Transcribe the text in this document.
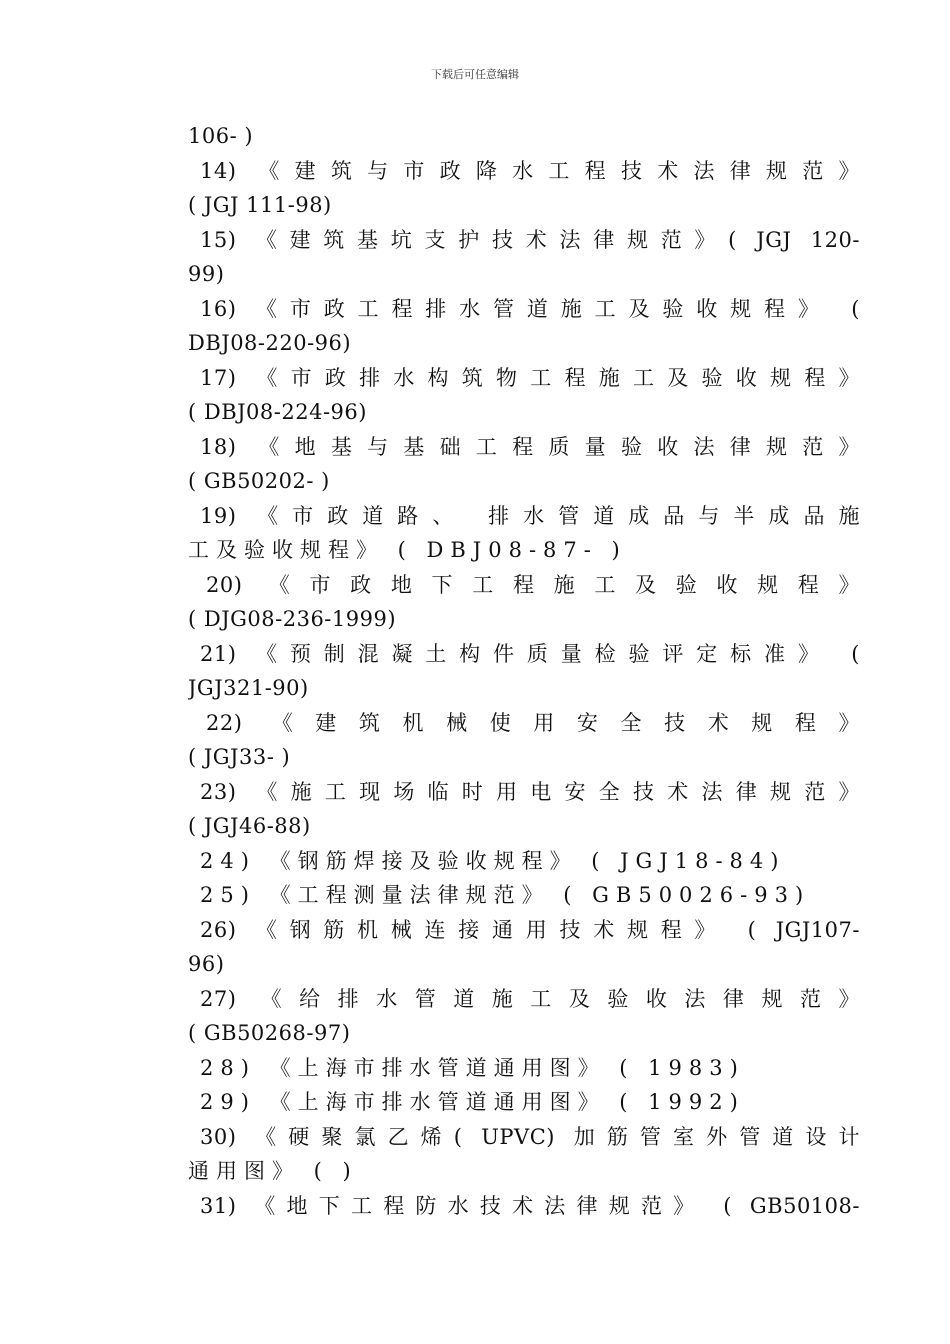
下载后可任意编辑
106- )
14) 《建筑与市政降水工程技术法律规范》
( JGJ 111-98)
15) 《建筑基坑支护技术法律规范》( JGJ 120-
99)
16) 《市政工程排水管道施工及验收规程》 (
DBJ08-220-96)
17) 《市政排水构筑物工程施工及验收规程》
( DBJ08-224-96)
18) 《地基与基础工程质量验收法律规范》
( GB50202- )
19) 《市政道路、 排水管道成品与半成品施
工及验收规程》 ( DBJ08-87- )
20) 《市政地下工程施工及验收规程》
( DJG08-236-1999)
21) 《预制混凝土构件质量检验评定标准》 (
JGJ321-90)
22) 《建筑机械使用安全技术规程》
( JGJ33- )
23) 《施工现场临时用电安全技术法律规范》
( JGJ46-88)
24) 《钢筋焊接及验收规程》 ( JGJ18-84)
25) 《工程测量法律规范》 ( GB50026-93)
26) 《钢筋机械连接通用技术规程》 ( JGJ107-
96)
27) 《给排水管道施工及验收法律规范》
( GB50268-97)
28) 《上海市排水管道通用图》 ( 1983)
29) 《上海市排水管道通用图》 ( 1992)
30) 《硬聚氯乙烯( UPVC) 加筋管室外管道设计
通用图》 ( )
31) 《地下工程防水技术法律规范》 ( GB50108-
